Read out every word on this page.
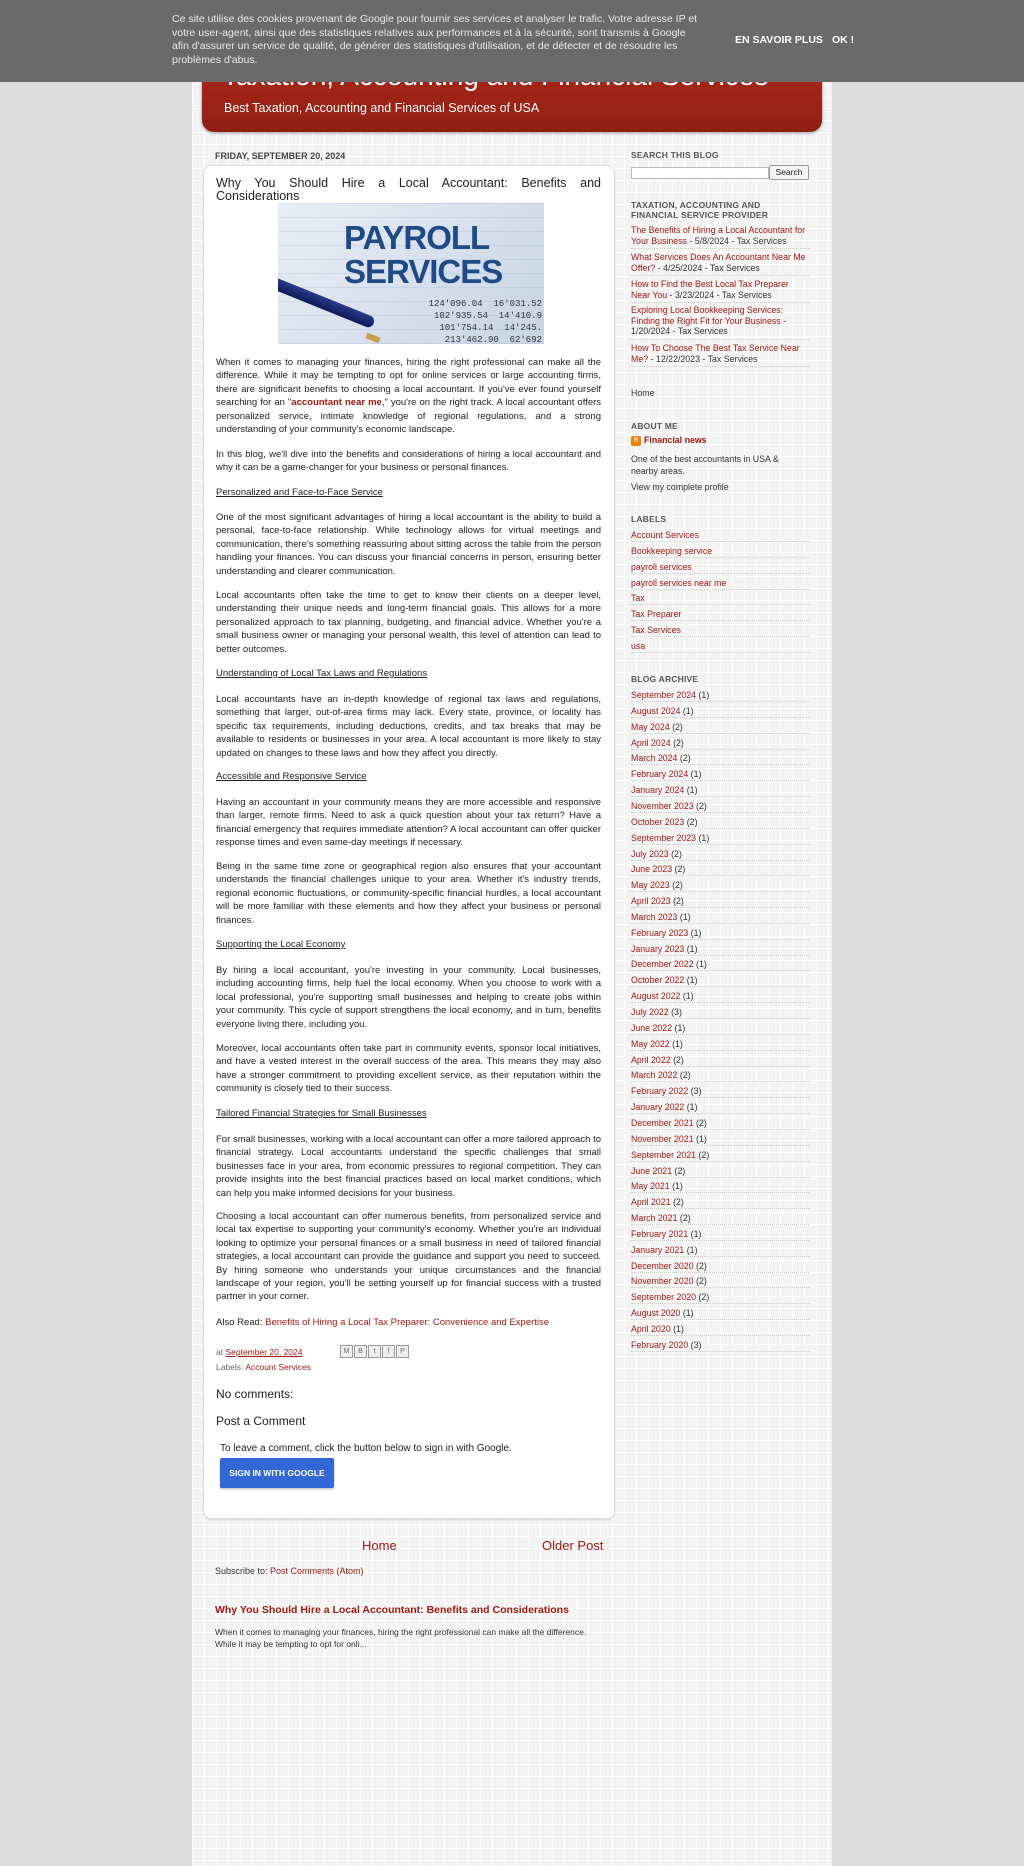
Best Taxation, Accounting and Financial Services of USA
Ce site utilise des cookies provenant de Google pour fournir ses services et analyser le trafic. Votre adresse IP et votre user-agent, ainsi que des statistiques relatives aux performances et à la sécurité, sont transmis à Google afin d'assurer un service de qualité, de générer des statistiques d'utilisation, et de détecter et de résoudre les problèmes d'abus.
EN SAVOIR PLUS OK !
FRIDAY, SEPTEMBER 20, 2024
Why You Should Hire a Local Accountant: Benefits and Considerations
PAYROLL
SERVICES
124'096.04  16'031.52
102'935.54  14'410.9
101'754.14  14'245.
213'462.90  62'692

When it comes to managing your finances, hiring the right professional can make all the difference. While it may be tempting to opt for online services or large accounting firms, there are significant benefits to choosing a local accountant. If you've ever found yourself searching for an "accountant near me," you're on the right track. A local accountant offers personalized service, intimate knowledge of regional regulations, and a strong understanding of your community's economic landscape.

In this blog, we'll dive into the benefits and considerations of hiring a local accountant and why it can be a game-changer for your business or personal finances.

Personalized and Face-to-Face Service

One of the most significant advantages of hiring a local accountant is the ability to build a personal, face-to-face relationship. While technology allows for virtual meetings and communication, there's something reassuring about sitting across the table from the person handling your finances. You can discuss your financial concerns in person, ensuring better understanding and clearer communication.

Local accountants often take the time to get to know their clients on a deeper level, understanding their unique needs and long-term financial goals. This allows for a more personalized approach to tax planning, budgeting, and financial advice. Whether you're a small business owner or managing your personal wealth, this level of attention can lead to better outcomes.

Understanding of Local Tax Laws and Regulations

Local accountants have an in-depth knowledge of regional tax laws and regulations, something that larger, out-of-area firms may lack. Every state, province, or locality has specific tax requirements, including deductions, credits, and tax breaks that may be available to residents or businesses in your area. A local accountant is more likely to stay updated on changes to these laws and how they affect you directly.

Accessible and Responsive Service

Having an accountant in your community means they are more accessible and responsive than larger, remote firms. Need to ask a quick question about your tax return? Have a financial emergency that requires immediate attention? A local accountant can offer quicker response times and even same-day meetings if necessary.

Being in the same time zone or geographical region also ensures that your accountant understands the financial challenges unique to your area. Whether it's industry trends, regional economic fluctuations, or community-specific financial hurdles, a local accountant will be more familiar with these elements and how they affect your business or personal finances.

Supporting the Local Economy

By hiring a local accountant, you're investing in your community. Local businesses, including accounting firms, help fuel the local economy. When you choose to work with a local professional, you're supporting small businesses and helping to create jobs within your community. This cycle of support strengthens the local economy, and in turn, benefits everyone living there, including you.

Moreover, local accountants often take part in community events, sponsor local initiatives, and have a vested interest in the overall success of the area. This means they may also have a stronger commitment to providing excellent service, as their reputation within the community is closely tied to their success.

Tailored Financial Strategies for Small Businesses

For small businesses, working with a local accountant can offer a more tailored approach to financial strategy. Local accountants understand the specific challenges that small businesses face in your area, from economic pressures to regional competition. They can provide insights into the best financial practices based on local market conditions, which can help you make informed decisions for your business.

Choosing a local accountant can offer numerous benefits, from personalized service and local tax expertise to supporting your community's economy. Whether you're an individual looking to optimize your personal finances or a small business in need of tailored financial strategies, a local accountant can provide the guidance and support you need to succeed. By hiring someone who understands your unique circumstances and the financial landscape of your region, you'll be setting yourself up for financial success with a trusted partner in your corner.

Also Read: Benefits of Hiring a Local Tax Preparer: Convenience and Expertise
at September 20, 2024	M	B	t	f	P
Labels: Account Services
No comments:
Post a Comment
To leave a comment, click the button below to sign in with Google.
SIGN IN WITH GOOGLE
Home	Older Post
Subscribe to: Post Comments (Atom)
Why You Should Hire a Local Accountant: Benefits and Considerations
When it comes to managing your finances, hiring the right professional can make all the difference. While it may be tempting to opt for onli...
SEARCH THIS BLOG
Search
TAXATION, ACCOUNTING AND FINANCIAL SERVICE PROVIDER
The Benefits of Hiring a Local Accountant for Your Business - 5/8/2024 - Tax Services
What Services Does An Accountant Near Me Offer? - 4/25/2024 - Tax Services
How to Find the Best Local Tax Preparer Near You - 3/23/2024 - Tax Services
Exploring Local Bookkeeping Services: Finding the Right Fit for Your Business - 1/20/2024 - Tax Services
How To Choose The Best Tax Service Near Me? - 12/22/2023 - Tax Services
Home
ABOUT ME
B Financial news
One of the best accountants in USA & nearby areas.
View my complete profile
LABELS
Account Services
Bookkeeping service
payroll services
payroll services near me
Tax
Tax Preparer
Tax Services
usa
BLOG ARCHIVE
September 2024 (1)
August 2024 (1)
May 2024 (2)
April 2024 (2)
March 2024 (2)
February 2024 (1)
January 2024 (1)
November 2023 (2)
October 2023 (2)
September 2023 (1)
July 2023 (2)
June 2023 (2)
May 2023 (2)
April 2023 (2)
March 2023 (1)
February 2023 (1)
January 2023 (1)
December 2022 (1)
October 2022 (1)
August 2022 (1)
July 2022 (3)
June 2022 (1)
May 2022 (1)
April 2022 (2)
March 2022 (2)
February 2022 (3)
January 2022 (1)
December 2021 (2)
November 2021 (1)
September 2021 (2)
June 2021 (2)
May 2021 (1)
April 2021 (2)
March 2021 (2)
February 2021 (1)
January 2021 (1)
December 2020 (2)
November 2020 (2)
September 2020 (2)
August 2020 (1)
April 2020 (1)
February 2020 (3)
